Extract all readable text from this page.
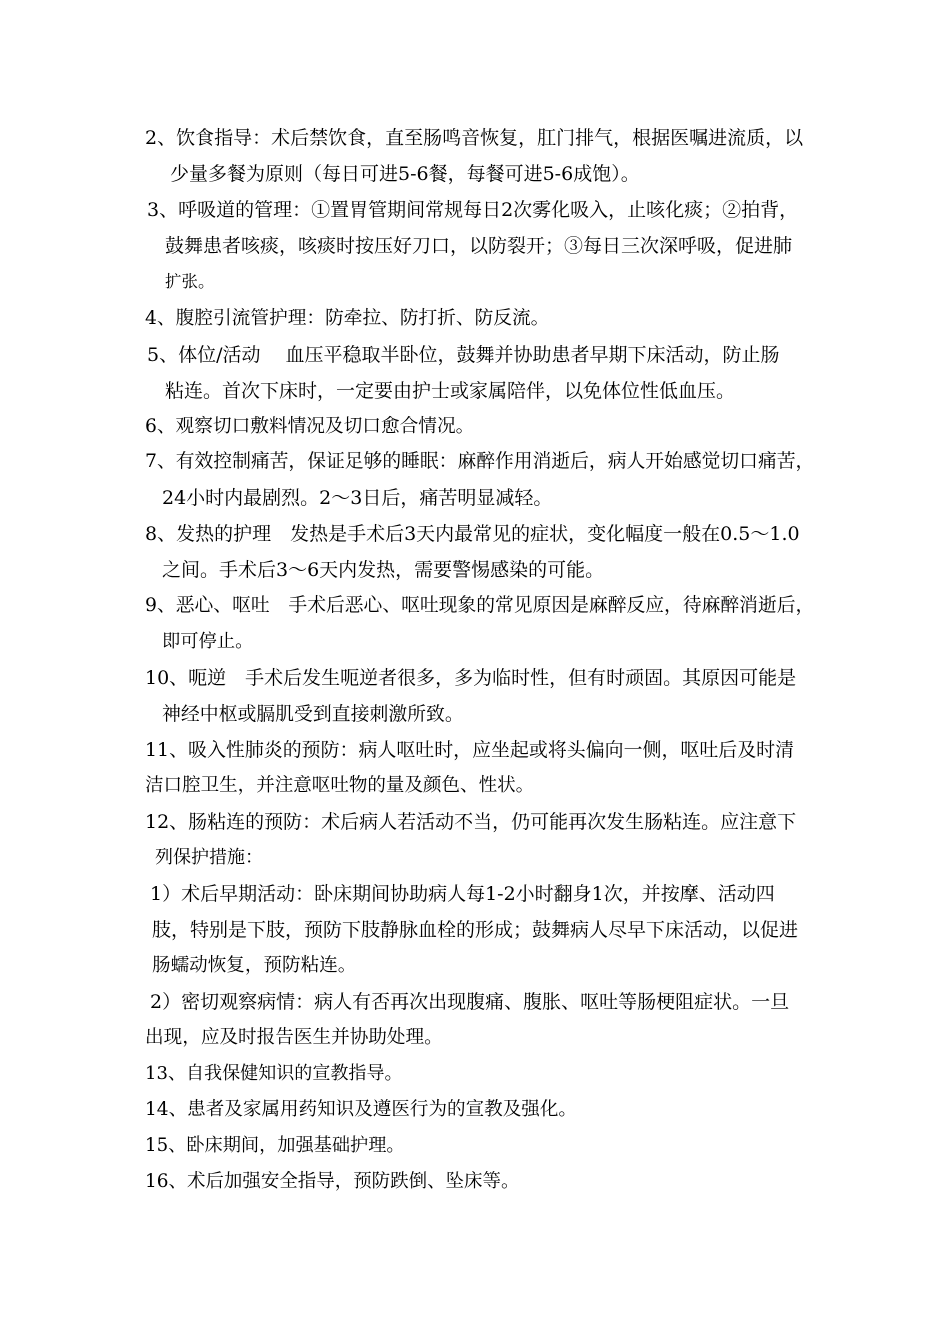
2、饮食指导：术后禁饮食，直至肠鸣音恢复，肛门排气，根据医嘱进流质，以
少量多餐为原则（每日可进5-6餐，每餐可进5-6成饱）。
3、呼吸道的管理：①置胃管期间常规每日2次雾化吸入，止咳化痰；②拍背，
鼓舞患者咳痰，咳痰时按压好刀口，以防裂开；③每日三次深呼吸，促进肺
扩张。
4、腹腔引流管护理：防牵拉、防打折、防反流。
5、体位/活动　 血压平稳取半卧位，鼓舞并协助患者早期下床活动，防止肠
粘连。首次下床时，一定要由护士或家属陪伴，以免体位性低血压。
6、观察切口敷料情况及切口愈合情况。
7、有效控制痛苦，保证足够的睡眠：麻醉作用消逝后，病人开始感觉切口痛苦，
24小时内最剧烈。2～3日后，痛苦明显减轻。
8、发热的护理　发热是手术后3天内最常见的症状，变化幅度一般在0.5～1.0
之间。手术后3～6天内发热，需要警惕感染的可能。
9、恶心、呕吐　手术后恶心、呕吐现象的常见原因是麻醉反应，待麻醉消逝后，
即可停止。
10、呃逆　手术后发生呃逆者很多，多为临时性，但有时顽固。其原因可能是
神经中枢或膈肌受到直接刺激所致。
11、吸入性肺炎的预防：病人呕吐时，应坐起或将头偏向一侧，呕吐后及时清
洁口腔卫生，并注意呕吐物的量及颜色、性状。
12、肠粘连的预防：术后病人若活动不当，仍可能再次发生肠粘连。应注意下
列保护措施：
1）术后早期活动：卧床期间协助病人每1-2小时翻身1次，并按摩、活动四
肢，特别是下肢，预防下肢静脉血栓的形成；鼓舞病人尽早下床活动，以促进
肠蠕动恢复，预防粘连。
2）密切观察病情：病人有否再次出现腹痛、腹胀、呕吐等肠梗阻症状。一旦
出现，应及时报告医生并协助处理。
13、自我保健知识的宣教指导。
14、患者及家属用药知识及遵医行为的宣教及强化。
15、卧床期间，加强基础护理。
16、术后加强安全指导，预防跌倒、坠床等。
